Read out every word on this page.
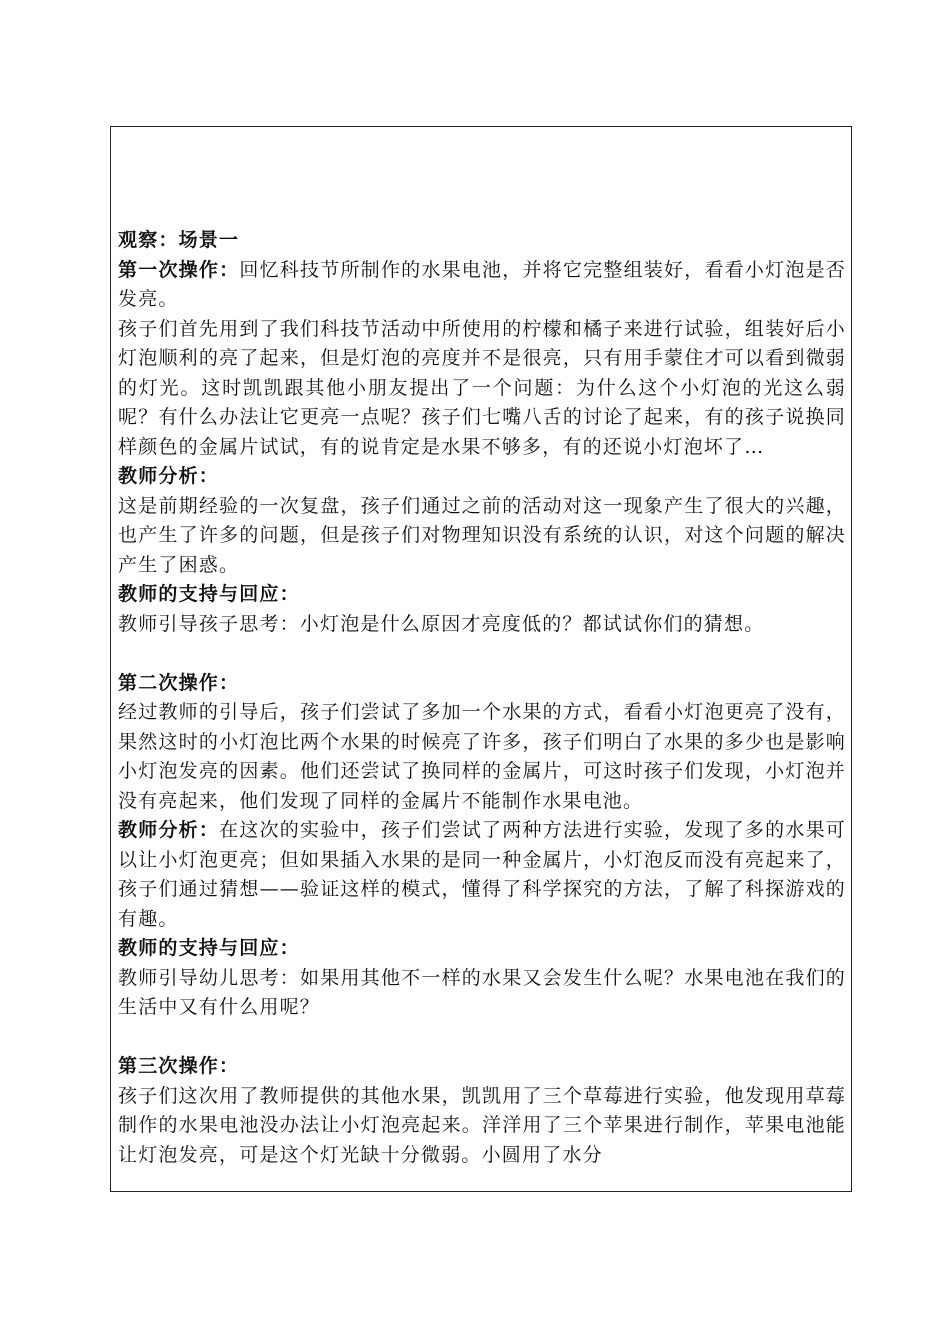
观察：场景一

第一次操作：回忆科技节所制作的水果电池，并将它完整组装好，看看小灯泡是否发亮。

孩子们首先用到了我们科技节活动中所使用的柠檬和橘子来进行试验，组装好后小灯泡顺利的亮了起来，但是灯泡的亮度并不是很亮，只有用手蒙住才可以看到微弱的灯光。这时凯凯跟其他小朋友提出了一个问题：为什么这个小灯泡的光这么弱呢？有什么办法让它更亮一点呢？孩子们七嘴八舌的讨论了起来，有的孩子说换同样颜色的金属片试试，有的说肯定是水果不够多，有的还说小灯泡坏了…

教师分析：

这是前期经验的一次复盘，孩子们通过之前的活动对这一现象产生了很大的兴趣，也产生了许多的问题，但是孩子们对物理知识没有系统的认识，对这个问题的解决产生了困惑。

教师的支持与回应：

教师引导孩子思考：小灯泡是什么原因才亮度低的？都试试你们的猜想。

第二次操作：

经过教师的引导后，孩子们尝试了多加一个水果的方式，看看小灯泡更亮了没有，果然这时的小灯泡比两个水果的时候亮了许多，孩子们明白了水果的多少也是影响小灯泡发亮的因素。他们还尝试了换同样的金属片，可这时孩子们发现，小灯泡并没有亮起来，他们发现了同样的金属片不能制作水果电池。

教师分析：在这次的实验中，孩子们尝试了两种方法进行实验，发现了多的水果可以让小灯泡更亮；但如果插入水果的是同一种金属片，小灯泡反而没有亮起来了，孩子们通过猜想——验证这样的模式，懂得了科学探究的方法，了解了科探游戏的有趣。

教师的支持与回应：

教师引导幼儿思考：如果用其他不一样的水果又会发生什么呢？水果电池在我们的生活中又有什么用呢？

第三次操作：

孩子们这次用了教师提供的其他水果，凯凯用了三个草莓进行实验，他发现用草莓制作的水果电池没办法让小灯泡亮起来。洋洋用了三个苹果进行制作，苹果电池能让灯泡发亮，可是这个灯光缺十分微弱。小圆用了水分
